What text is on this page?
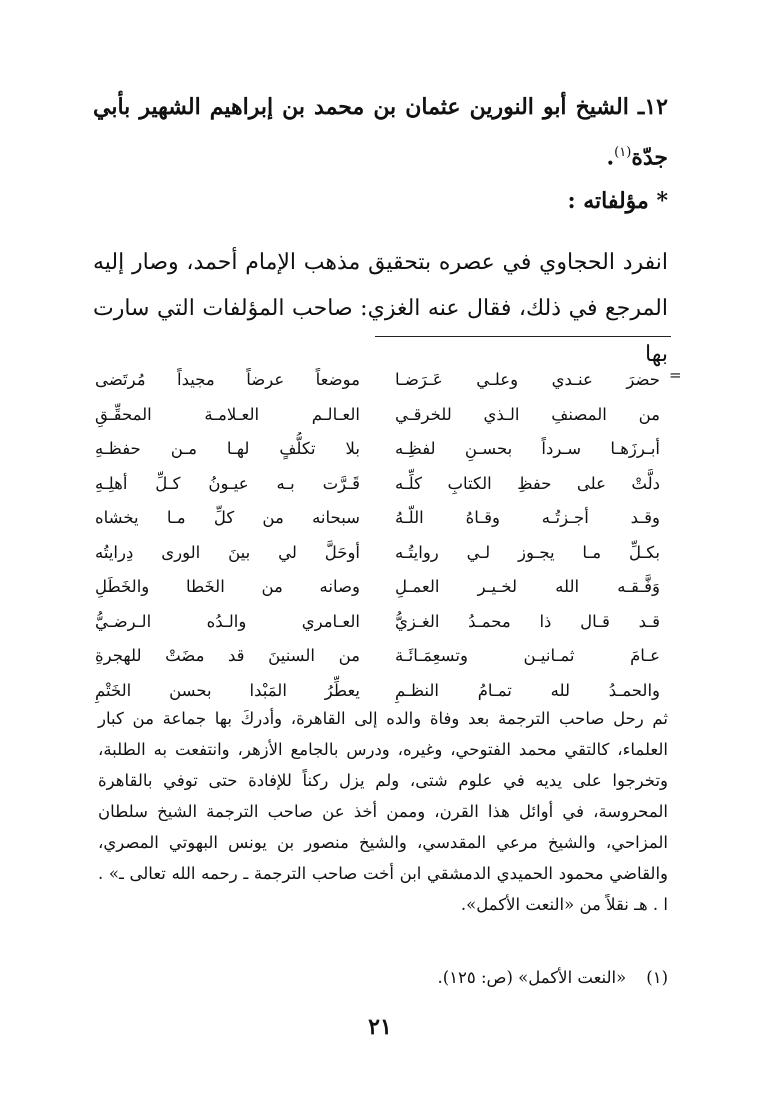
١٢ـ الشيخ أبو النورين عثمان بن محمد بن إبراهيم الشهير بأبي جدّة$^{(١)}$.
* مؤلفاته :
انفرد الحجاوي في عصره بتحقيق مذهب الإمام أحمد، وصار إليه المرجع في ذلك، فقال عنه الغزي: صاحب المؤلفات التي سارت بها
=
حضرَ عنـدي وعلـي عَـرَضـا
موضعاً عرضاً مجيداً مُرتَضى
من المصنفِ الـذي للخرقـي
العـالـم العـلامـة المحقِّـقِ
أبـرزَهـا سـرداً بحسـنِ لفظِـه
بلا تكلُّفٍ لهـا مـن حفظـهِ
دلَّتْ على حفظِ الكتابِ كلِّـه
قَـرَّت بـه عيـونُ كـلِّ أهلِـهِ
وقـد أجـزتُـه وقـاهُ اللّـهُ
سبحانه من كلِّ مـا يخشاه
بكـلِّ مـا يجـوز لـي روايتُـه
أوحَلَّ لي بينَ الورى دِرايتُه
وَفَّـقـه الله لخـيـر العمـلِ
وصانه من الخَطا والخَطَلِ
قـد قـال ذا محمـدُ الغـزيُّ
العـامري والـدُه الـرضـيُّ
عـامَ ثمـانيـن وتسعِمَـائَـة
من السنينَ قد مضَتْ للهجرةِ
والحمـدُ لله تمـامُ النظـمِ
يعطِّرُ المَبْدا بحسن الخَتْمِ
ثم رحل صاحب الترجمة بعد وفاة والده إلى القاهرة، وأدركَ بها جماعة من كبار العلماء، كالتقي محمد الفتوحي، وغيره، ودرس بالجامع الأزهر، وانتفعت به الطلبة، وتخرجوا على يديه في علوم شتى، ولم يزل ركناً للإفادة حتى توفي بالقاهرة المحروسة، في أوائل هذا القرن، وممن أخذ عن صاحب الترجمة الشيخ سلطان المزاحي، والشيخ مرعي المقدسي، والشيخ منصور بن يونس البهوتي المصري، والقاضي محمود الحميدي الدمشقي ابن أخت صاحب الترجمة ـ رحمه الله تعالى ـ» . ا . هـ نقلاً من «النعت الأكمل».
(١)«النعت الأكمل» (ص: ١٢٥).
٢١
